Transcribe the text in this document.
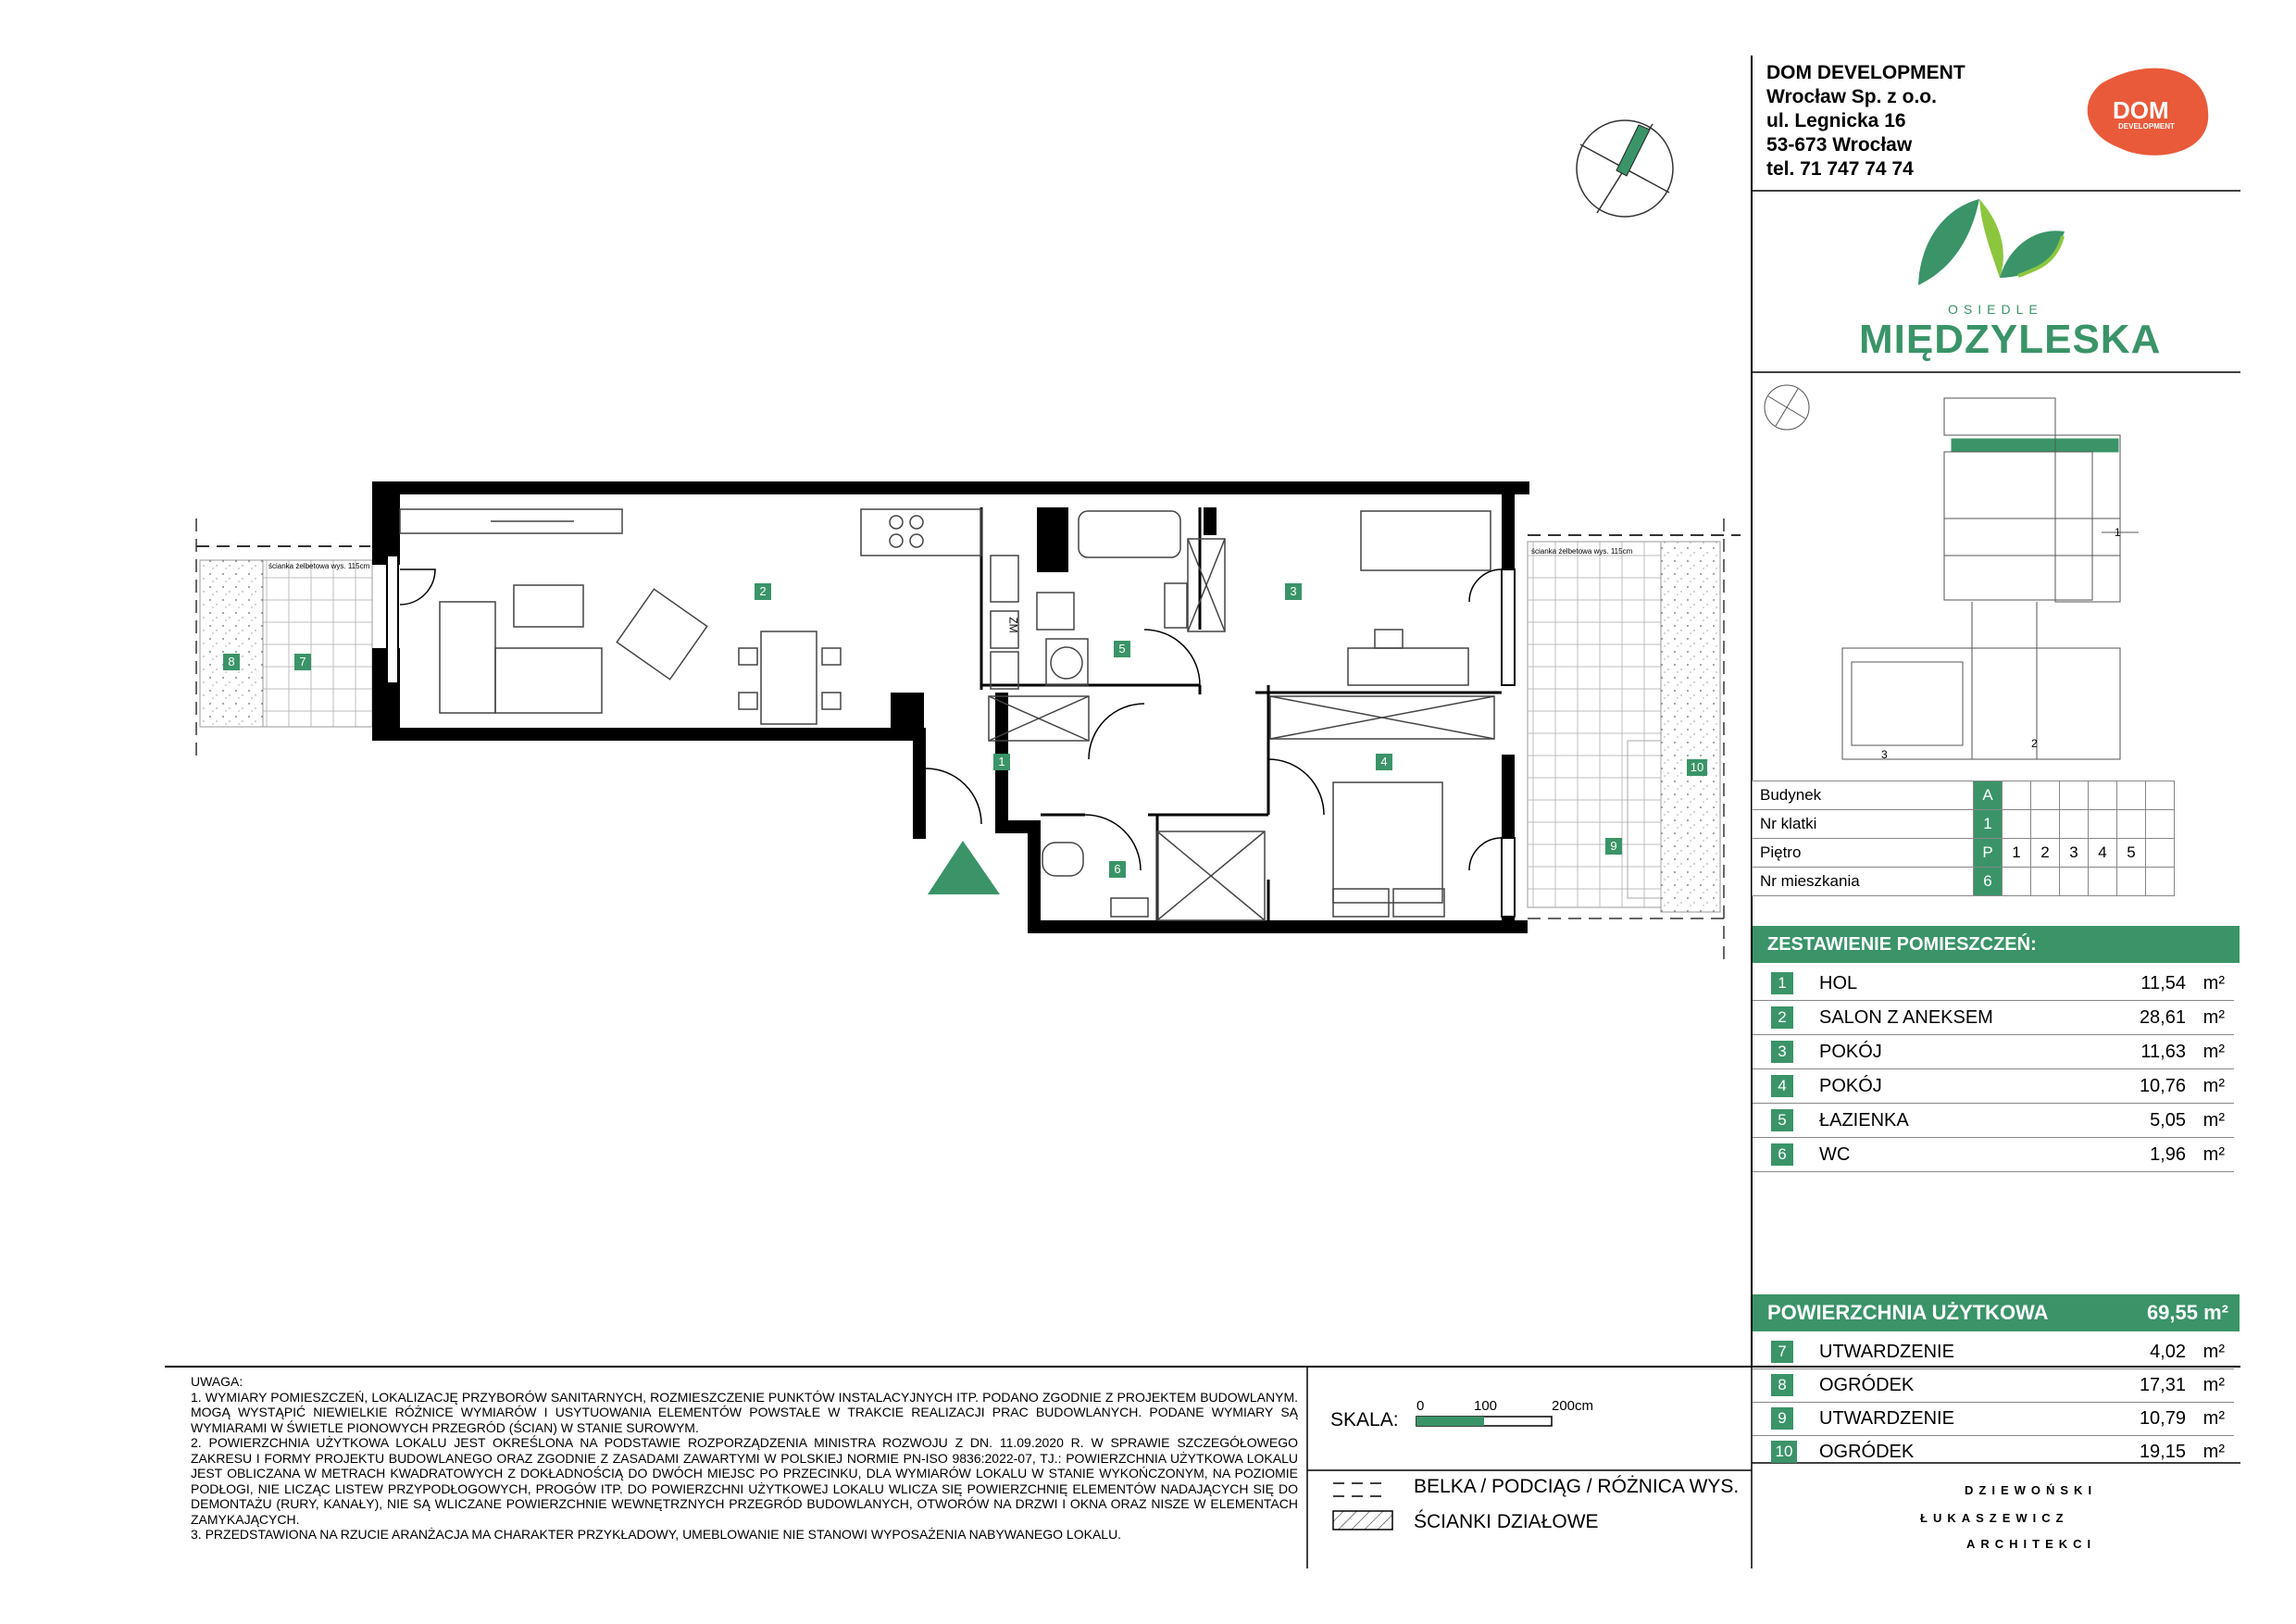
DOM DEVELOPMENT
Wrocław Sp. z o.o.
ul. Legnicka 16
53-673 Wrocław
tel. 71 747 74 74
DOM
DEVELOPMENT
OSIEDLE
MIĘDZYLESKA
1
2
3
ścianka żelbetowa wys. 115cm
ścianka żelbetowa wys. 115cm
ZM
1
2	3
4
5
6
7
8
9
10
Budynek	A						
Nr klatki	1						
Piętro	P	1	2	3	4	5	
Nr mieszkania	6						
ZESTAWIENIE POMIESZCZEŃ:
1	HOL	11,54 m²
2	SALON Z ANEKSEM	28,61 m²
3	POKÓJ	11,63 m²
4	POKÓJ	10,76 m²
5	ŁAZIENKA	5,05 m²
6	WC	1,96 m²
POWIERZCHNIA UŻYTKOWA	69,55 m²
7	UTWARDZENIE	4,02 m²
8	OGRÓDEK	17,31 m²
9	UTWARDZENIE	10,79 m²
10 OGRÓDEK	19,15 m²

UWAGA:

1. WYMIARY POMIESZCZEŃ, LOKALIZACJĘ PRZYBORÓW SANITARNYCH, ROZMIESZCZENIE PUNKTÓW INSTALACYJNYCH ITP. PODANO ZGODNIE Z PROJEKTEM BUDOWLANYM. MOGĄ WYSTĄPIĆ NIEWIELKIE RÓŻNICE WYMIARÓW I USYTUOWANIA ELEMENTÓW POWSTAŁE W TRAKCIE REALIZACJI PRAC BUDOWLANYCH. PODANE WYMIARY SĄ WYMIARAMI W ŚWIETLE PIONOWYCH PRZEGRÓD (ŚCIAN) W STANIE SUROWYM.

2. POWIERZCHNIA UŻYTKOWA LOKALU JEST OKREŚLONA NA PODSTAWIE ROZPORZĄDZENIA MINISTRA ROZWOJU Z DN. 11.09.2020 R. W SPRAWIE SZCZEGÓŁOWEGO ZAKRESU I FORMY PROJEKTU BUDOWLANEGO ORAZ ZGODNIE Z ZASADAMI ZAWARTYMI W POLSKIEJ NORMIE PN-ISO 9836:2022-07, TJ.: POWIERZCHNIA UŻYTKOWA LOKALU JEST OBLICZANA W METRACH KWADRATOWYCH Z DOKŁADNOŚCIĄ DO DWÓCH MIEJSC PO PRZECINKU, DLA WYMIARÓW LOKALU W STANIE WYKOŃCZONYM, NA POZIOMIE PODŁOGI, NIE LICZĄC LISTEW PRZYPODŁOGOWYCH, PROGÓW ITP. DO POWIERZCHNI UŻYTKOWEJ LOKALU WLICZA SIĘ POWIERZCHNIĘ ELEMENTÓW NADAJĄCYCH SIĘ DO DEMONTAŻU (RURY, KANAŁY), NIE SĄ WLICZANE POWIERZCHNIE WEWNĘTRZNYCH PRZEGRÓD BUDOWLANYCH, OTWORÓW NA DRZWI I OKNA ORAZ NISZE W ELEMENTACH ZAMYKAJĄCYCH.

3. PRZEDSTAWIONA NA RZUCIE ARANŻACJA MA CHARAKTER PRZYKŁADOWY, UMEBLOWANIE NIE STANOWI WYPOSAŻENIA NABYWANEGO LOKALU.

SKALA:
0	100	200cm
BELKA / PODCIĄG / RÓŻNICA WYS.
ŚCIANKI DZIAŁOWE
DZIEWOŃSKI
ŁUKASZEWICZ
ARCHITEKCI
